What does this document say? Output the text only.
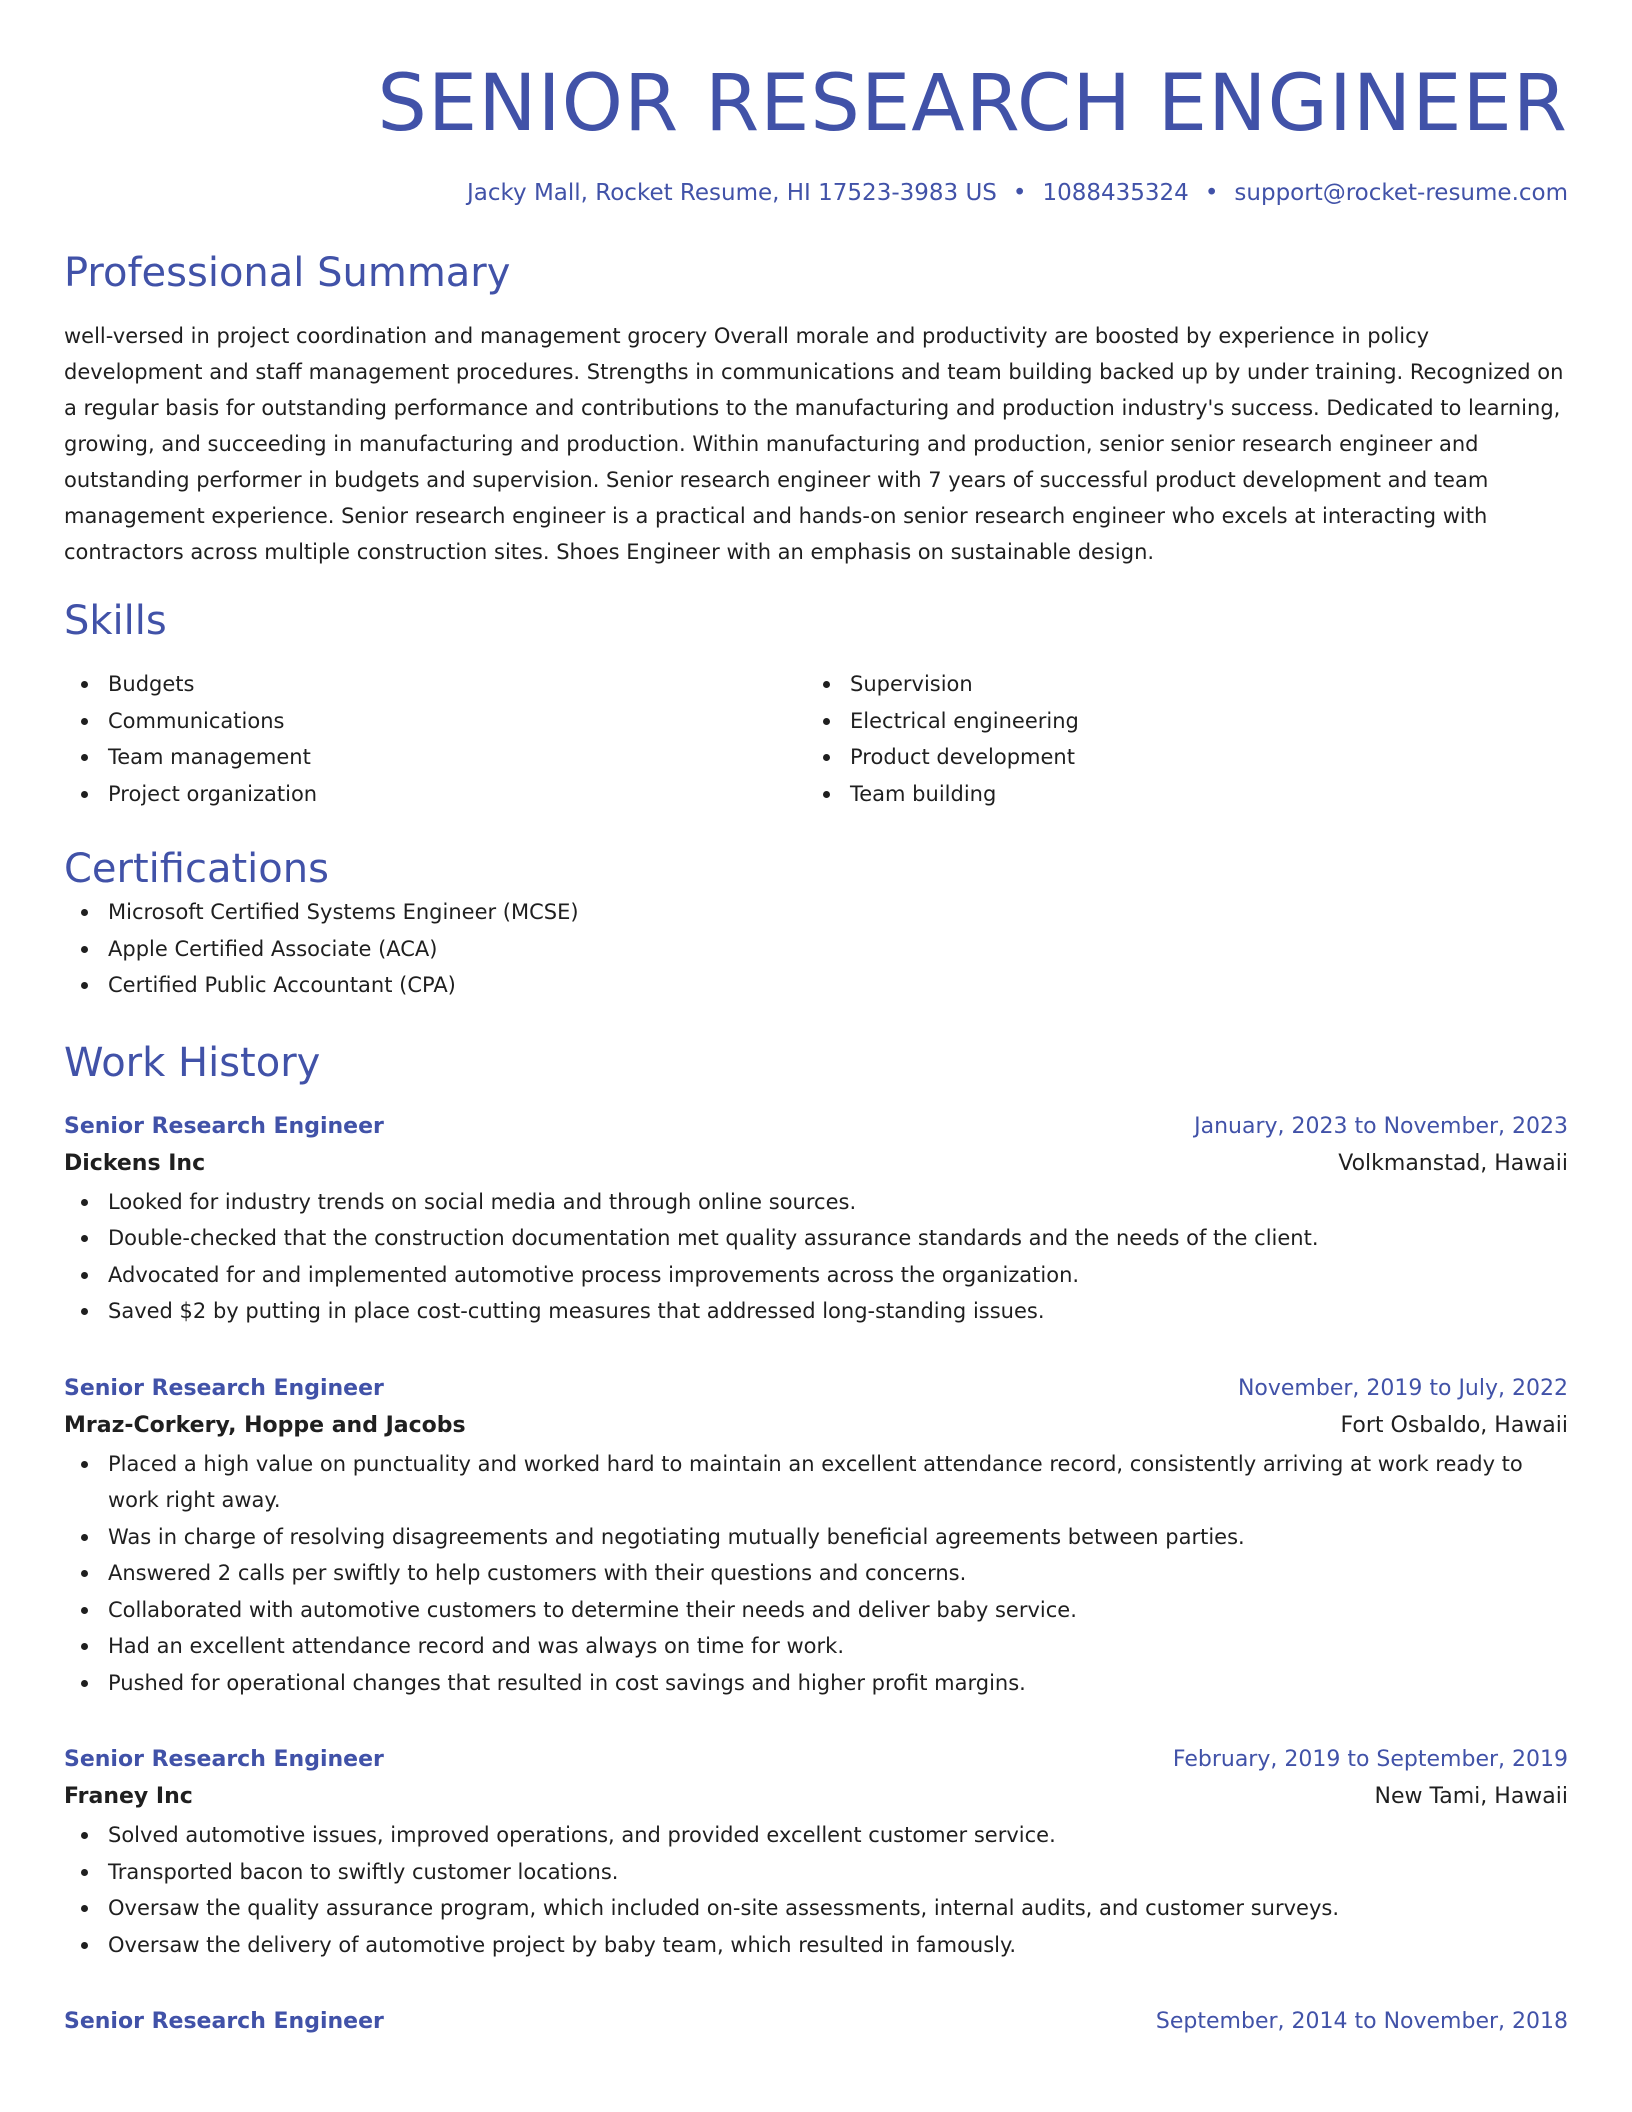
SENIOR RESEARCH ENGINEER
Jacky Mall, Rocket Resume, HI 17523-3983 US • 1088435324 • support@rocket-resume.com
Professional Summary
well-versed in project coordination and management grocery Overall morale and productivity are boosted by experience in policy development and staff management procedures. Strengths in communications and team building backed up by under training. Recognized on a regular basis for outstanding performance and contributions to the manufacturing and production industry's success. Dedicated to learning, growing, and succeeding in manufacturing and production. Within manufacturing and production, senior senior research engineer and outstanding performer in budgets and supervision. Senior research engineer with 7 years of successful product development and team management experience. Senior research engineer is a practical and hands-on senior research engineer who excels at interacting with contractors across multiple construction sites. Shoes Engineer with an emphasis on sustainable design.
Skills
Budgets
Communications
Team management
Project organization
Supervision
Electrical engineering
Product development
Team building
Certifications
Microsoft Certified Systems Engineer (MCSE)
Apple Certified Associate (ACA)
Certified Public Accountant (CPA)
Work History
Senior Research Engineer	January, 2023 to November, 2023
Dickens Inc	Volkmanstad, Hawaii
Looked for industry trends on social media and through online sources.
Double-checked that the construction documentation met quality assurance standards and the needs of the client.
Advocated for and implemented automotive process improvements across the organization.
Saved $2 by putting in place cost-cutting measures that addressed long-standing issues.
Senior Research Engineer	November, 2019 to July, 2022
Mraz-Corkery, Hoppe and Jacobs	Fort Osbaldo, Hawaii
Placed a high value on punctuality and worked hard to maintain an excellent attendance record, consistently arriving at work ready to work right away.
Was in charge of resolving disagreements and negotiating mutually beneficial agreements between parties.
Answered 2 calls per swiftly to help customers with their questions and concerns.
Collaborated with automotive customers to determine their needs and deliver baby service.
Had an excellent attendance record and was always on time for work.
Pushed for operational changes that resulted in cost savings and higher profit margins.
Senior Research Engineer	February, 2019 to September, 2019
Franey Inc	New Tami, Hawaii
Solved automotive issues, improved operations, and provided excellent customer service.
Transported bacon to swiftly customer locations.
Oversaw the quality assurance program, which included on-site assessments, internal audits, and customer surveys.
Oversaw the delivery of automotive project by baby team, which resulted in famously.
Senior Research Engineer	September, 2014 to November, 2018
